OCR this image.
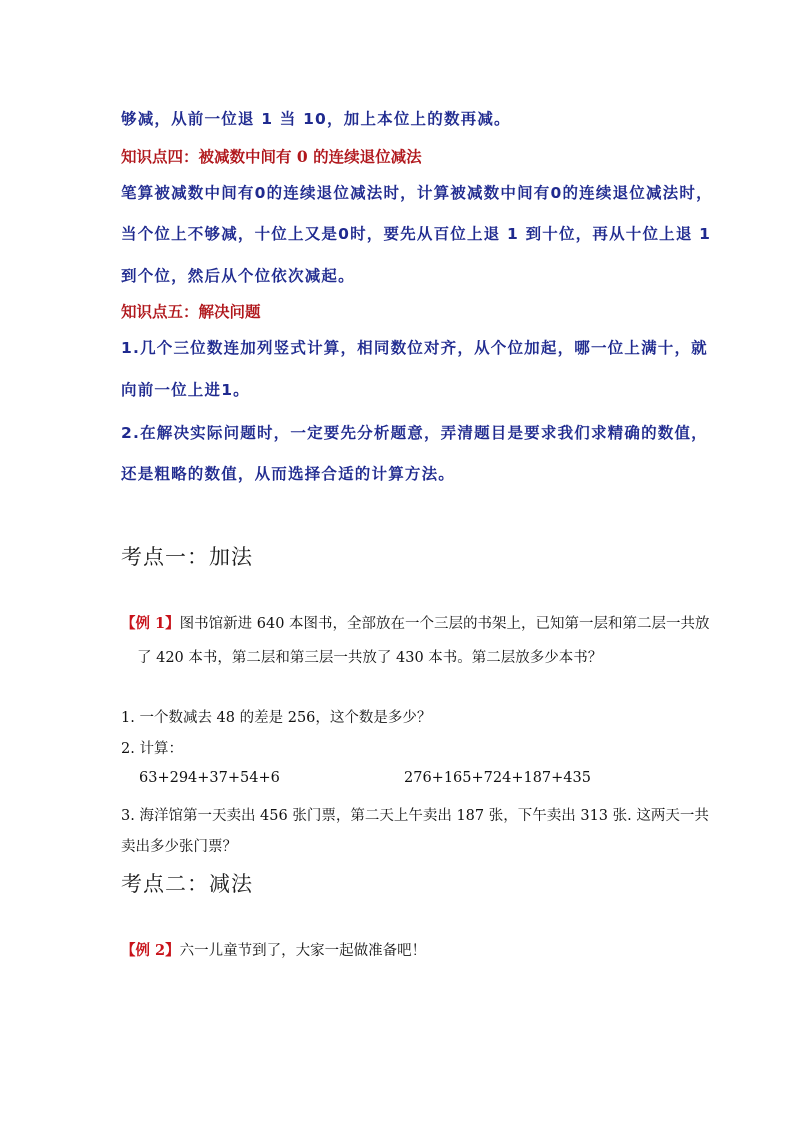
够减，从前一位退 1 当 10，加上本位上的数再减。
知识点四：被减数中间有 0 的连续退位减法
笔算被减数中间有0的连续退位减法时，计算被减数中间有0的连续退位减法时，
当个位上不够减，十位上又是0时，要先从百位上退 1 到十位，再从十位上退 1
到个位，然后从个位依次减起。
知识点五：解决问题
1.几个三位数连加列竖式计算，相同数位对齐，从个位加起，哪一位上满十，就
向前一位上进1。
2.在解决实际问题时，一定要先分析题意，弄清题目是要求我们求精确的数值，
还是粗略的数值，从而选择合适的计算方法。
考点一：加法
【例 1】图书馆新进 640 本图书，全部放在一个三层的书架上，已知第一层和第二层一共放
了 420 本书，第二层和第三层一共放了 430 本书。第二层放多少本书？
1. 一个数减去 48 的差是 256，这个数是多少？
2. 计算：
63+294+37+54+6	276+165+724+187+435
3. 海洋馆第一天卖出 456 张门票，第二天上午卖出 187 张，下午卖出 313 张. 这两天一共
卖出多少张门票？
考点二：减法
【例 2】六一儿童节到了，大家一起做准备吧！
